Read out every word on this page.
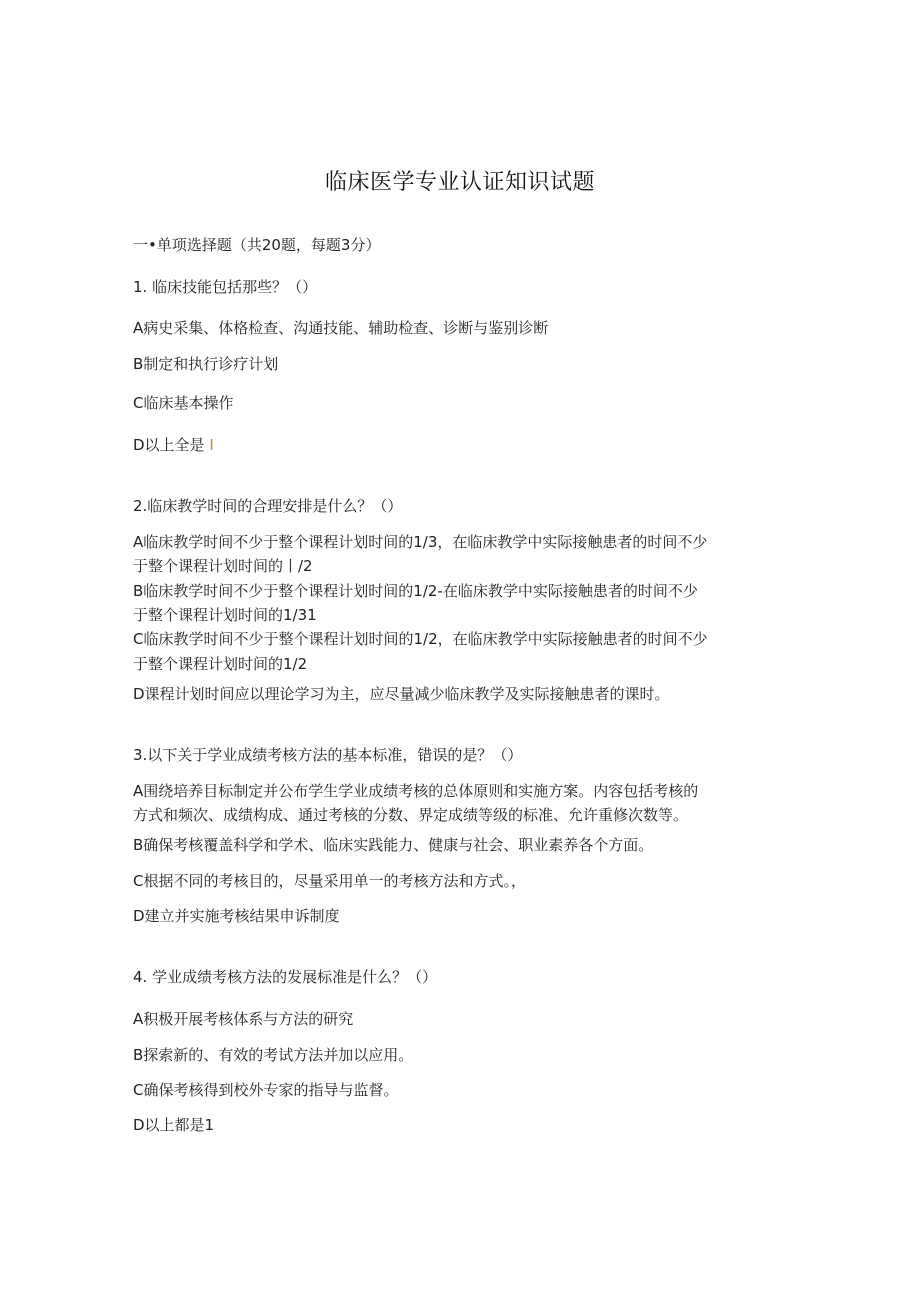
临床医学专业认证知识试题
一•单项选择题（共20题，每题3分）
1. 临床技能包括那些？（）
A病史采集、体格检查、沟通技能、辅助检查、诊断与鉴别诊断
B制定和执行诊疗计划
C临床基本操作
D以上全是 I
2.临床教学时间的合理安排是什么？（）
A临床教学时间不少于整个课程计划时间的1/3，在临床教学中实际接触患者的时间不少
于整个课程计划时间的丨/2
B临床教学时间不少于整个课程计划时间的1/2-在临床教学中实际接触患者的时间不少
于整个课程计划时间的1/31
C临床教学时间不少于整个课程计划时间的1/2，在临床教学中实际接触患者的时间不少
于整个课程计划时间的1/2
D课程计划时间应以理论学习为主，应尽量减少临床教学及实际接触患者的课时。
3.以下关于学业成绩考核方法的基本标准，错误的是？（）
A围绕培养目标制定并公布学生学业成绩考核的总体原则和实施方案。内容包括考核的
方式和频次、成绩构成、通过考核的分数、界定成绩等级的标准、允许重修次数等。
B确保考核覆盖科学和学术、临床实践能力、健康与社会、职业素养各个方面。
C根据不同的考核目的，尽量采用单一的考核方法和方式。，
D建立并实施考核结果申诉制度
4. 学业成绩考核方法的发展标准是什么？（）
A积极开展考核体系与方法的研究
B探索新的、有效的考试方法并加以应用。
C确保考核得到校外专家的指导与监督。
D以上都是1
